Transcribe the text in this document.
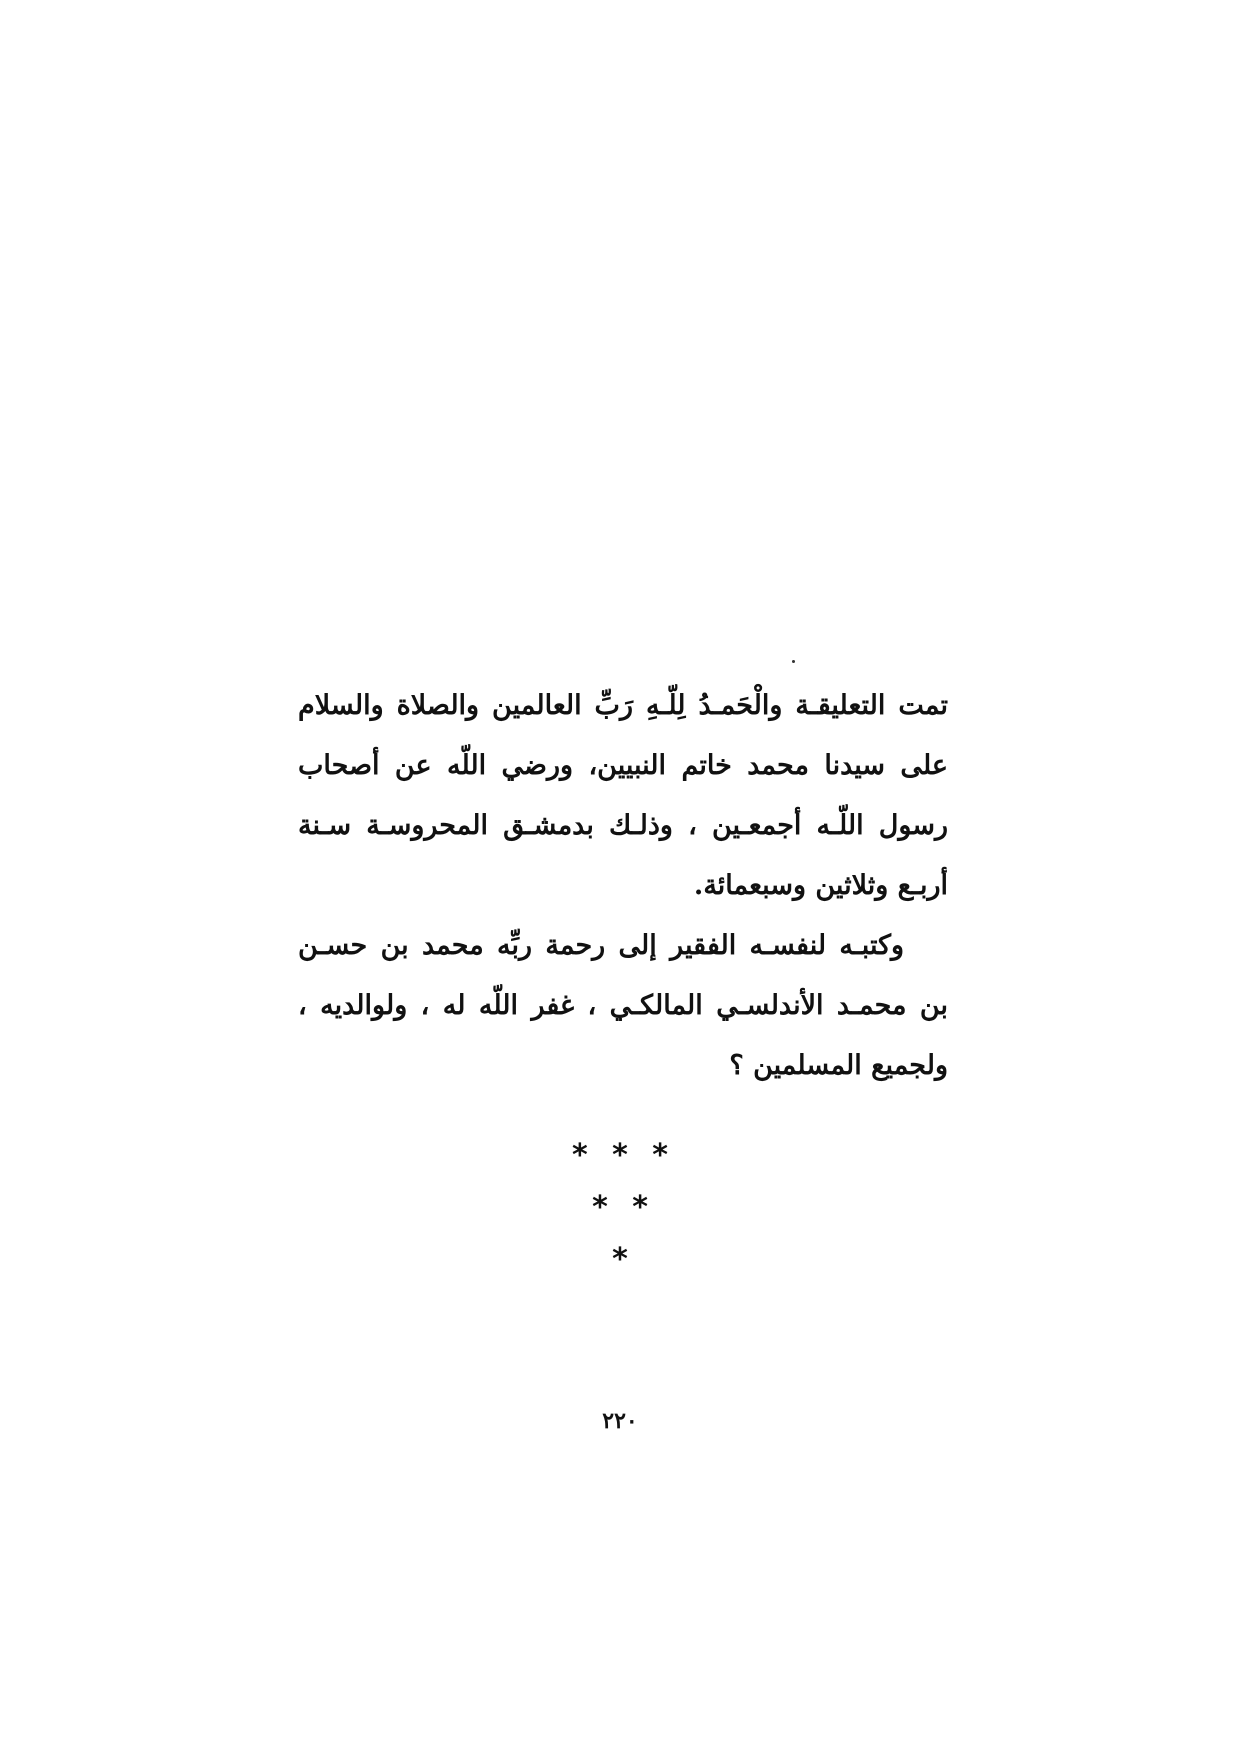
تمت التعليقـة والْحَمـدُ لِلّـهِ رَبِّ العالمين والصلاة والسلام على سيدنا محمد خاتم النبيين، ورضي اللّه عن أصحاب رسول اللّـه أجمعـين ، وذلـك بدمشـق المحروسـة سـنة أربـع وثلاثين وسبعمائة.

وكتبـه لنفسـه الفقير إلى رحمة ربِّه محمد بن حسـن بن محمـد الأندلسـي المالكـي ، غفر اللّه له ، ولوالديه ، ولجميع المسلمين ؟

* * *
* *
*
٢٢٠
